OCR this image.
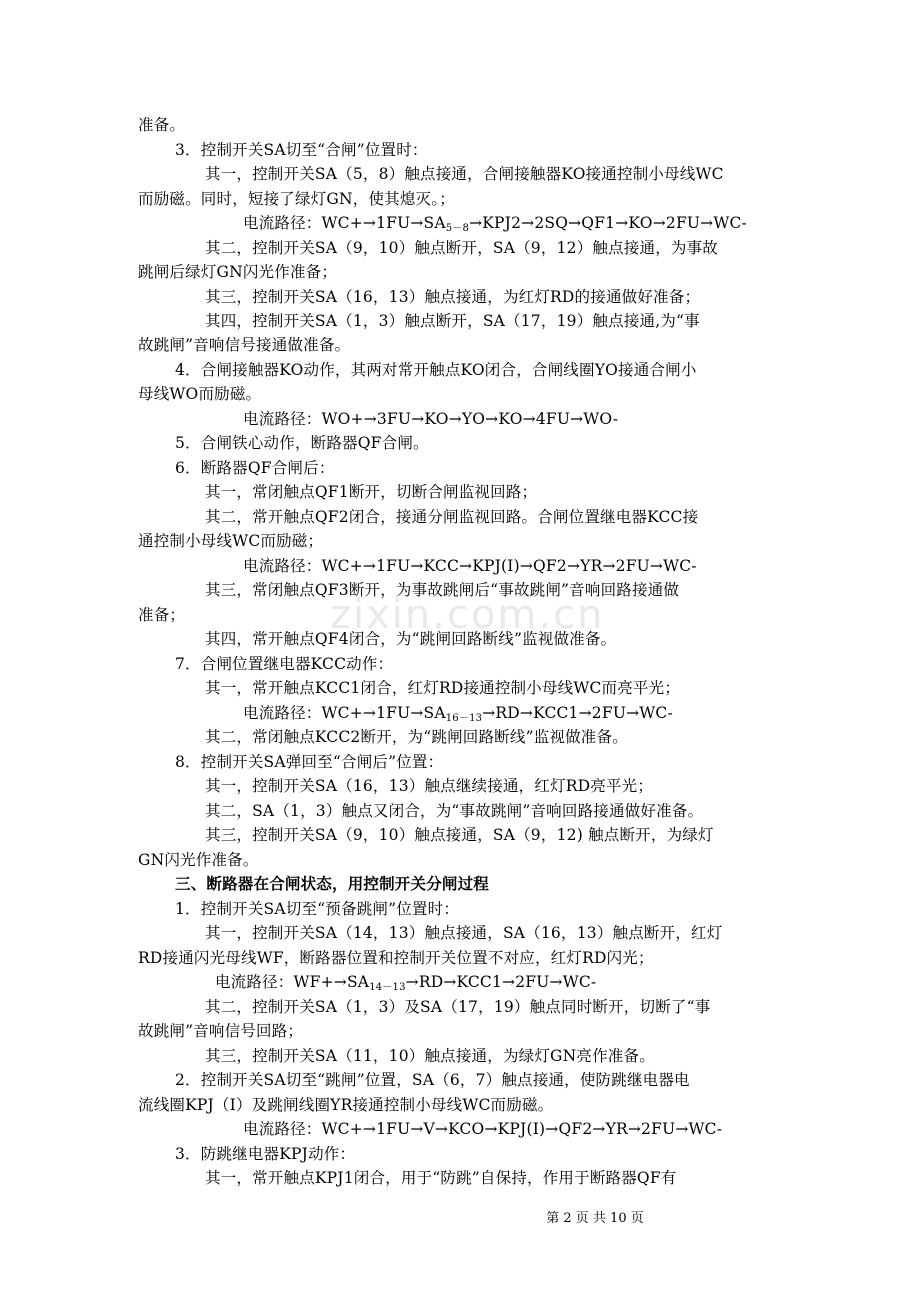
zixin.com.cn
准备。
3．控制开关SA切至“合闸”位置时：
其一，控制开关SA（5，8）触点接通，合闸接触器KO接通控制小母线WC
而励磁。同时，短接了绿灯GN，使其熄灭。；
电流路径：$WC+\to 1FU\to SA_{5-8}\to KPJ2\to 2SQ\to QF1\to KO\to 2FU\to WC-$
其二，控制开关SA（9，10）触点断开，SA（9，12）触点接通，为事故
跳闸后绿灯GN闪光作准备；
其三，控制开关SA（16，13）触点接通，为红灯RD的接通做好准备；
其四，控制开关SA（1，3）触点断开，SA（17，19）触点接通,为“事
故跳闸”音响信号接通做准备。
4．合闸接触器KO动作，其两对常开触点KO闭合，合闸线圈YO接通合闸小
母线WO而励磁。
电流路径：WO+→3FU→KO→YO→KO→4FU→WO-
5．合闸铁心动作，断路器QF合闸。
6．断路器QF合闸后：
其一，常闭触点QF1断开，切断合闸监视回路；
其二，常开触点QF2闭合，接通分闸监视回路。合闸位置继电器KCC接
通控制小母线WC而励磁；
电流路径：WC+→1FU→KCC→KPJ(I)→QF2→YR→2FU→WC-
其三，常闭触点QF3断开，为事故跳闸后“事故跳闸”音响回路接通做
准备；
其四，常开触点QF4闭合，为“跳闸回路断线”监视做准备。
7．合闸位置继电器KCC动作：
其一，常开触点KCC1闭合，红灯RD接通控制小母线WC而亮平光；
电流路径：$WC+\to 1FU\to SA_{16-13}\to RD\to KCC1\to 2FU\to WC-$
其二，常闭触点KCC2断开，为“跳闸回路断线”监视做准备。
8．控制开关SA弹回至“合闸后”位置：
其一，控制开关SA（16，13）触点继续接通，红灯RD亮平光；
其二，SA（1，3）触点又闭合，为“事故跳闸”音响回路接通做好准备。
其三，控制开关SA（9，10）触点接通，SA（9，12) 触点断开，为绿灯
GN闪光作准备。
三、断路器在合闸状态，用控制开关分闸过程
1．控制开关SA切至“预备跳闸”位置时：
其一，控制开关SA（14，13）触点接通，SA（16，13）触点断开，红灯
RD接通闪光母线WF，断路器位置和控制开关位置不对应，红灯RD闪光；
电流路径：$WF+\to SA_{14-13}\to RD\to KCC1\to 2FU\to WC-$
其二，控制开关SA（1，3）及SA（17，19）触点同时断开，切断了“事
故跳闸”音响信号回路；
其三，控制开关SA（11，10）触点接通，为绿灯GN亮作准备。
2．控制开关SA切至“跳闸”位置，SA（6，7）触点接通，使防跳继电器电
流线圈KPJ（I）及跳闸线圈YR接通控制小母线WC而励磁。
电流路径：WC+→1FU→V→KCO→KPJ(I)→QF2→YR→2FU→WC-
3．防跳继电器KPJ动作：
其一，常开触点KPJ1闭合，用于“防跳”自保持，作用于断路器QF有
第 2 页 共 10 页
